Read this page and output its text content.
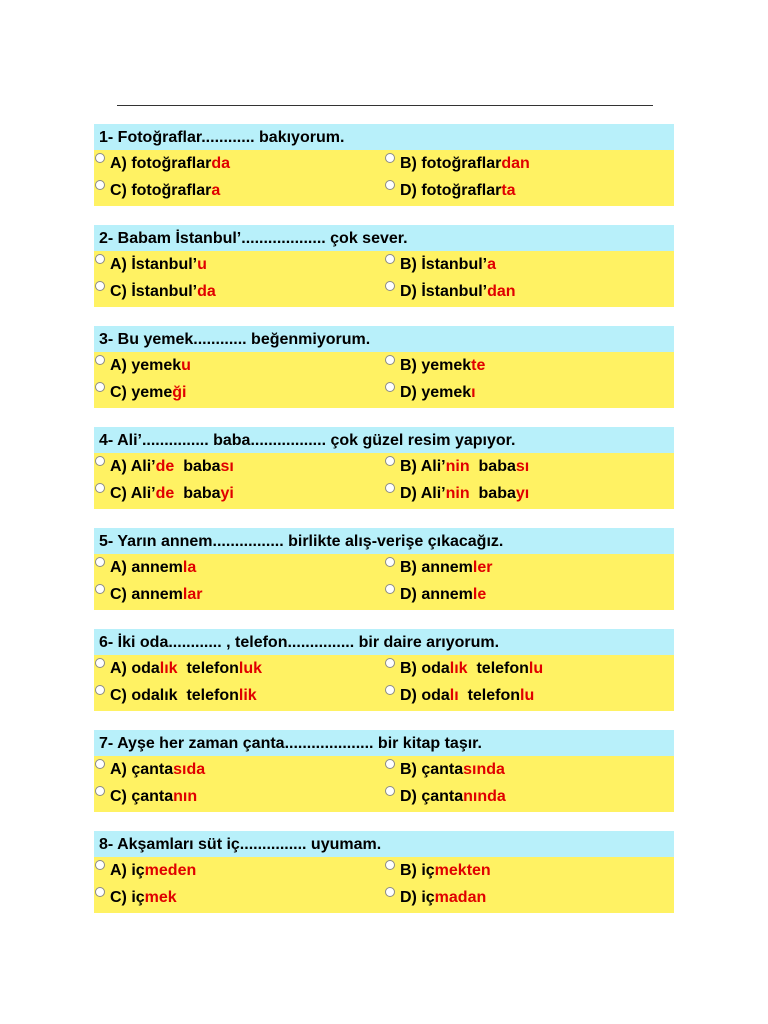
1- Fotoğraflar............ bakıyorum.
A) fotoğraflarda	B) fotoğraflardan
C) fotoğraflara	D) fotoğraflarta
2- Babam İstanbul’................... çok sever.
A) İstanbul’u	B) İstanbul’a
C) İstanbul’da	D) İstanbul’dan
3- Bu yemek............ beğenmiyorum.
A) yemeku	B) yemekte
C) yemeği	D) yemekı
4- Ali’............... baba................. çok güzel resim yapıyor.
A) Ali’de  babası	B) Ali’nin  babası
C) Ali’de  babayi	D) Ali’nin  babayı
5- Yarın annem................ birlikte alış-verişe çıkacağız.
A) annemla	B) annemler
C) annemlar	D) annemle
6- İki oda............ , telefon............... bir daire arıyorum.
A) odalık  telefonluk	B) odalık  telefonlu
C) odalık  telefonlik	D) odalı  telefonlu
7- Ayşe her zaman çanta.................... bir kitap taşır.
A) çantasıda	B) çantasında
C) çantanın	D) çantanında
8- Akşamları süt iç............... uyumam.
A) içmeden	B) içmekten
C) içmek	D) içmadan
